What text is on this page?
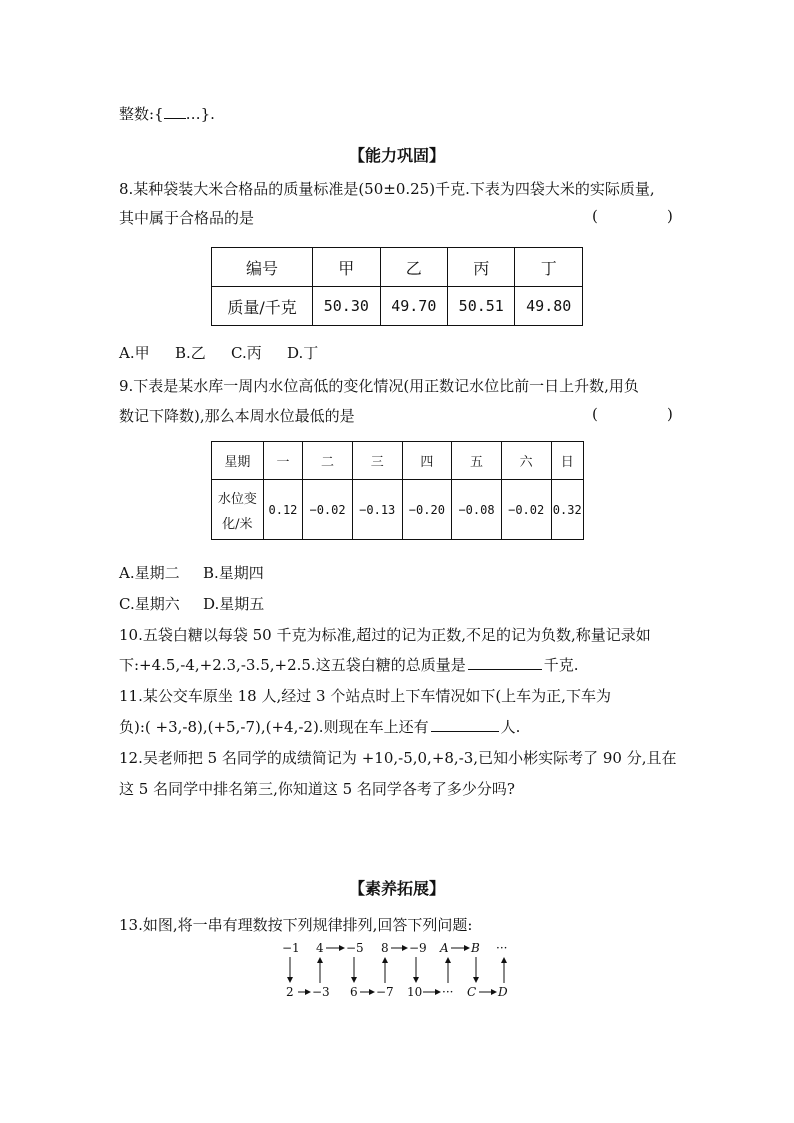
整数:{ …}.
【能力巩固】
8.某种袋装大米合格品的质量标准是(50±0.25)千克.下表为四袋大米的实际质量,
其中属于合格品的是	(	)
编号	甲	乙	丙	丁
质量/千克	50.30	49.70	50.51	49.80
A.甲 B.乙 C.丙 D.丁
9.下表是某水库一周内水位高低的变化情况(用正数记水位比前一日上升数,用负
数记下降数),那么本周水位最低的是	(	)
星期	一	二	三	四	五	六	日

水位变
化/米	0.12	−0.02	−0.13	−0.20	−0.08	−0.02	0.32
A.星期二 B.星期四
C.星期六 D.星期五
10.五袋白糖以每袋 50 千克为标准,超过的记为正数,不足的记为负数,称量记录如
下:+4.5,-4,+2.3,-3.5,+2.5.这五袋白糖的总质量是	千克.
11.某公交车原坐 18 人,经过 3 个站点时上下车情况如下(上车为正,下车为
负):( +3,-8),(+5,-7),(+4,-2).则现在车上还有	人.
12.吴老师把 5 名同学的成绩简记为 +10,-5,0,+8,-3,已知小彬实际考了 90 分,且在
这 5 名同学中排名第三,你知道这 5 名同学各考了多少分吗?
【素养拓展】
13.如图,将一串有理数按下列规律排列,回答下列问题:
−1 4 −5 8 −9 A B ···
2 −3 6 −7 10 ··· C D
